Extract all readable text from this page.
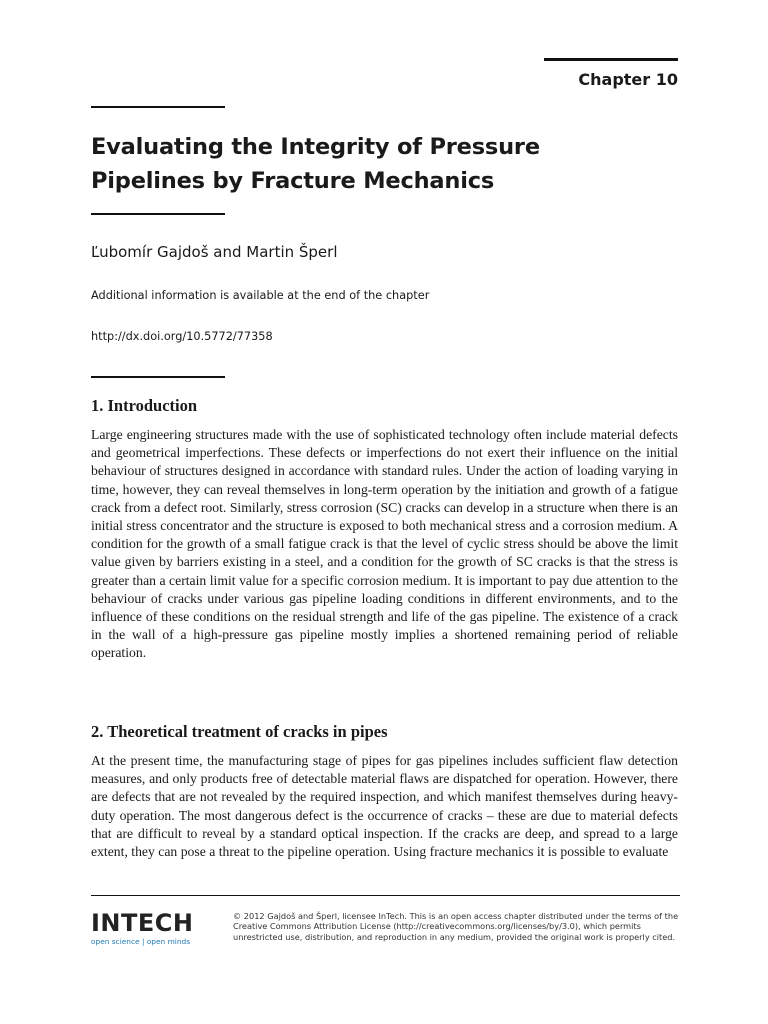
Chapter 10
Evaluating the Integrity of Pressure
Pipelines by Fracture Mechanics
Ľubomír Gajdoš and Martin Šperl
Additional information is available at the end of the chapter
http://dx.doi.org/10.5772/77358
1. Introduction
Large engineering structures made with the use of sophisticated technology often include material defects and geometrical imperfections. These defects or imperfections do not exert their influence on the initial behaviour of structures designed in accordance with standard rules. Under the action of loading varying in time, however, they can reveal themselves in long-term operation by the initiation and growth of a fatigue crack from a defect root. Similarly, stress corrosion (SC) cracks can develop in a structure when there is an initial stress concentrator and the structure is exposed to both mechanical stress and a corrosion medium. A condition for the growth of a small fatigue crack is that the level of cyclic stress should be above the limit value given by barriers existing in a steel, and a condition for the growth of SC cracks is that the stress is greater than a certain limit value for a specific corrosion medium. It is important to pay due attention to the behaviour of cracks under various gas pipeline loading conditions in different environments, and to the influence of these conditions on the residual strength and life of the gas pipeline. The existence of a crack in the wall of a high-pressure gas pipeline mostly implies a shortened remaining period of reliable operation.
2. Theoretical treatment of cracks in pipes
At the present time, the manufacturing stage of pipes for gas pipelines includes sufficient flaw detection measures, and only products free of detectable material flaws are dispatched for operation. However, there are defects that are not revealed by the required inspection, and which manifest themselves during heavy-duty operation. The most dangerous defect is the occurrence of cracks – these are due to material defects that are difficult to reveal by a standard optical inspection. If the cracks are deep, and spread to a large extent, they can pose a threat to the pipeline operation. Using fracture mechanics it is possible to evaluate
INTECH
open science | open minds
© 2012 Gajdoš and Šperl, licensee InTech. This is an open access chapter distributed under the terms of the Creative Commons Attribution License (http://creativecommons.org/licenses/by/3.0), which permits unrestricted use, distribution, and reproduction in any medium, provided the original work is properly cited.
